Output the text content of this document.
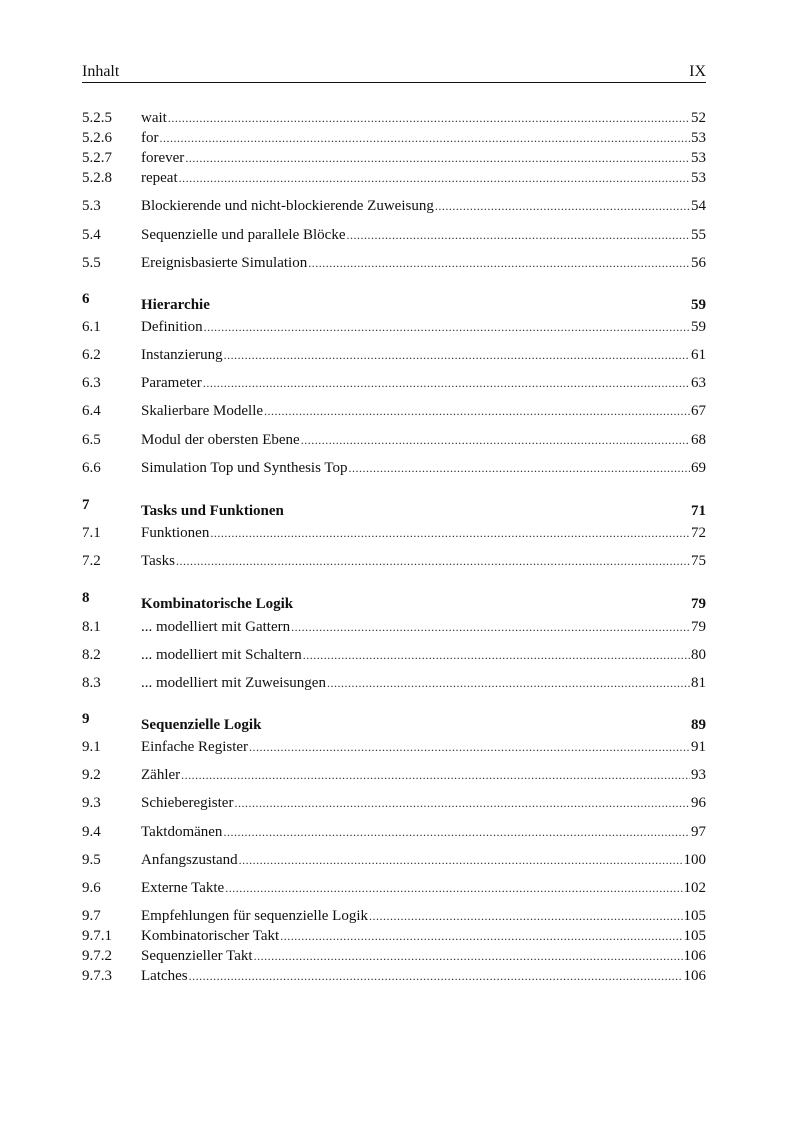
Inhalt	IX
5.2.5 wait .....	52
5.2.6 for .....	53
5.2.7 forever .....	53
5.2.8 repeat .....	53
5.3	Blockierende und nicht-blockierende Zuweisung .....	54
5.4	Sequenzielle und parallele Blöcke .....	55
5.5	Ereignisbasierte Simulation .....	56
6	Hierarchie	59
6.1	Definition .....	59
6.2	Instanzierung .....	61
6.3	Parameter .....	63
6.4	Skalierbare Modelle .....	67
6.5	Modul der obersten Ebene .....	68
6.6	Simulation Top und Synthesis Top .....	69
7	Tasks und Funktionen	71
7.1	Funktionen .....	72
7.2	Tasks .....	75
8	Kombinatorische Logik	79
8.1	... modelliert mit Gattern .....	79
8.2	... modelliert mit Schaltern .....	80
8.3	... modelliert mit Zuweisungen .....	81
9	Sequenzielle Logik	89
9.1	Einfache Register .....	91
9.2	Zähler .....	93
9.3	Schieberegister .....	96
9.4	Taktdomänen .....	97
9.5	Anfangszustand .....	100
9.6	Externe Takte .....	102
9.7	Empfehlungen für sequenzielle Logik .....	105
9.7.1 Kombinatorischer Takt .....	105
9.7.2 Sequenzieller Takt .....	106
9.7.3 Latches .....	106
